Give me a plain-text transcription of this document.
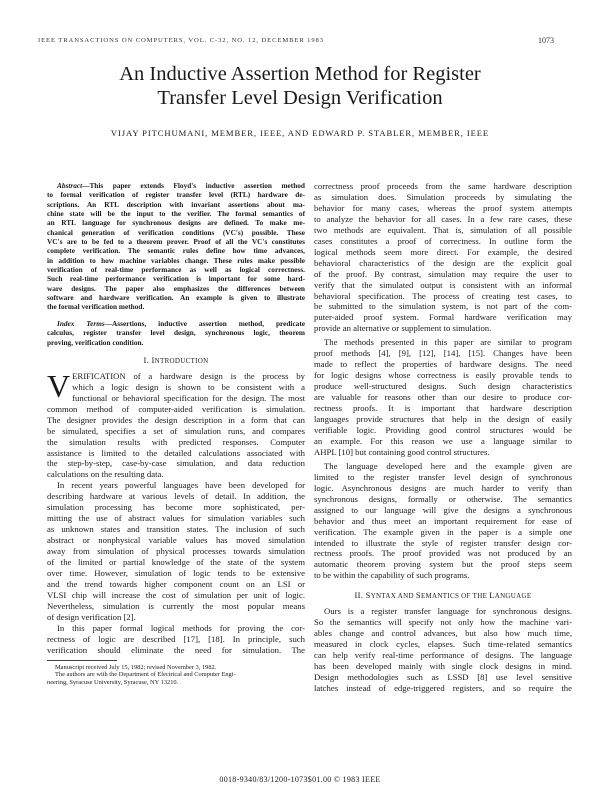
IEEE TRANSACTIONS ON COMPUTERS, VOL. C-32, NO. 12, DECEMBER 1983	1073
An Inductive Assertion Method for Register
Transfer Level Design Verification
VIJAY PITCHUMANI, MEMBER, IEEE, AND EDWARD P. STABLER, MEMBER, IEEE
Abstract—This paper extends Floyd's inductive assertion method
to formal verification of register transfer level (RTL) hardware de-
scriptions. An RTL description with invariant assertions about ma-
chine state will be the input to the verifier. The formal semantics of
an RTL language for synchronous designs are defined. To make me-
chanical generation of verification conditions (VC's) possible. These
VC's are to be fed to a theorem prover. Proof of all the VC's constitutes
complete verification. The semantic rules define how time advances,
in addition to how machine variables change. These rules make possible
verification of real-time performance as well as logical correctness.
Such real-time performance verification is important for some hard-
ware designs. The paper also emphasizes the differences between
software and hardware verification. An example is given to illustrate
the formal verification method.
Index Terms—Assertions, inductive assertion method, predicate
calculus, register transfer level design, synchronous logic, theorem
proving, verification condition.
I. INTRODUCTION

V ERIFICATION of a hardware design is the process by
which a logic design is shown to be consistent with a
functional or behavioral specification for the design. The most
common method of computer-aided verification is simulation.
The designer provides the design description in a form that can
be simulated, specifies a set of simulation runs, and compares
the simulation results with predicted responses. Computer
assistance is limited to the detailed calculations associated with
the step-by-step, case-by-case simulation, and data reduction
calculations on the resulting data.

In recent years powerful languages have been developed for
describing hardware at various levels of detail. In addition, the
simulation processing has become more sophisticated, per-
mitting the use of abstract values for simulation variables such
as unknown states and transition states. The inclusion of such
abstract or nonphysical variable values has moved simulation
away from simulation of physical processes towards simulation
of the limited or partial knowledge of the state of the system
over time. However, simulation of logic tends to be extensive
and the trend towards higher component count on an LSI or
VLSI chip will increase the cost of simulation per unit of logic.
Nevertheless, simulation is currently the most popular means
of design verification [2].

In this paper formal logical methods for proving the cor-
rectness of logic are described [17], [18]. In principle, such
verification should eliminate the need for simulation. The

Manuscript received July 15, 1982; revised November 3, 1982.

The authors are with the Department of Electrical and Computer Engi-

neering, Syracuse University, Syracuse, NY 13210.

correctness proof proceeds from the same hardware description
as simulation does. Simulation proceeds by simulating the
behavior for many cases, whereas the proof system attempts
to analyze the behavior for all cases. In a few rare cases, these
two methods are equivalent. That is, simulation of all possible
cases constitutes a proof of correctness. In outline form the
logical methods seem more direct. For example, the desired
behavioral characteristics of the design are the explicit goal
of the proof. By contrast, simulation may require the user to
verify that the simulated output is consistent with an informal
behavioral specification. The process of creating test cases, to
be submitted to the simulation system, is not part of the com-
puter-aided proof system. Formal hardware verification may
provide an alternative or supplement to simulation.

The methods presented in this paper are similar to program
proof methods [4], [9], [12], [14], [15]. Changes have been
made to reflect the properties of hardware designs. The need
for logic designs whose correctness is easily provable tends to
produce well-structured designs. Such design characteristics
are valuable for reasons other than our desire to produce cor-
rectness proofs. It is important that hardware description
languages provide structures that help in the design of easily
verifiable logic. Providing good control structures would be
an example. For this reason we use a language similar to
AHPL [10] but containing good control structures.

The language developed here and the example given are
limited to the register transfer level design of synchronous
logic. Asynchronous designs are much harder to verify than
synchronous designs, formally or otherwise. The semantics
assigned to our language will give the designs a synchronous
behavior and thus meet an important requirement for ease of
verification. The example given in the paper is a simple one
intended to illustrate the style of register transfer design cor-
rectness proofs. The proof provided was not produced by an
automatic theorem proving system but the proof steps seem
to be within the capability of such programs.

II. SYNTAX AND SEMANTICS OF THE LANGUAGE

Ours is a register transfer language for synchronous designs.
So the semantics will specify not only how the machine vari-
ables change and control advances, but also how much time,
measured in clock cycles, elapses. Such time-related semantics
can help verify real-time performance of designs. The language
has been developed mainly with single clock designs in mind.
Design methodologies such as LSSD [8] use level sensitive
latches instead of edge-triggered registers, and so require the

0018-9340/83/1200-1073$01.00 © 1983 IEEE
